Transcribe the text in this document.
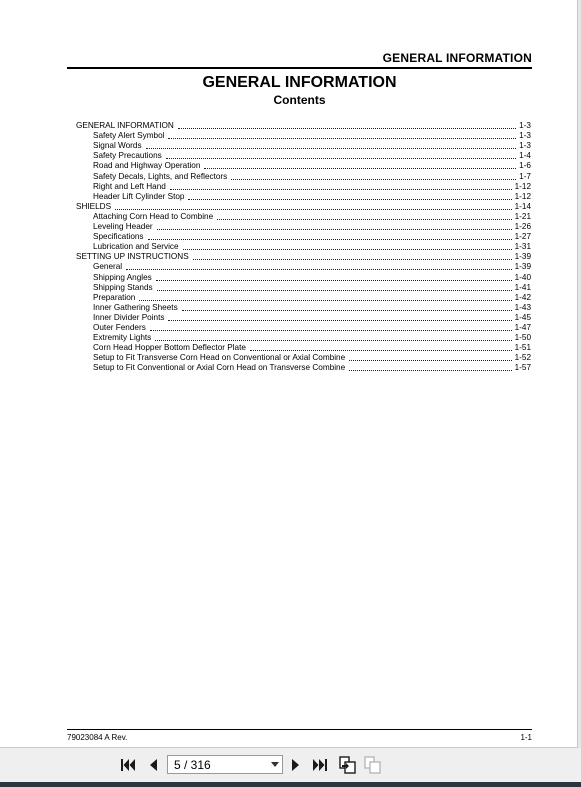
GENERAL INFORMATION
GENERAL INFORMATION
Contents
GENERAL INFORMATION	1-3
Safety Alert Symbol	1-3
Signal Words	1-3
Safety Precautions	1-4
Road and Highway Operation	1-6
Safety Decals, Lights, and Reflectors	1-7
Right and Left Hand	1-12
Header Lift Cylinder Stop	1-12
SHIELDS	1-14
Attaching Corn Head to Combine	1-21
Leveling Header	1-26
Specifications	1-27
Lubrication and Service	1-31
SETTING UP INSTRUCTIONS	1-39
General	1-39
Shipping Angles	1-40
Shipping Stands	1-41
Preparation	1-42
Inner Gathering Sheets	1-43
Inner Divider Points	1-45
Outer Fenders	1-47
Extremity Lights	1-50
Corn Head Hopper Bottom Deflector Plate	1-51
Setup to Fit Transverse Corn Head on Conventional or Axial Combine	1-52
Setup to Fit Conventional or Axial Corn Head on Transverse Combine	1-57
79023084 A Rev.	1-1
5 / 316
